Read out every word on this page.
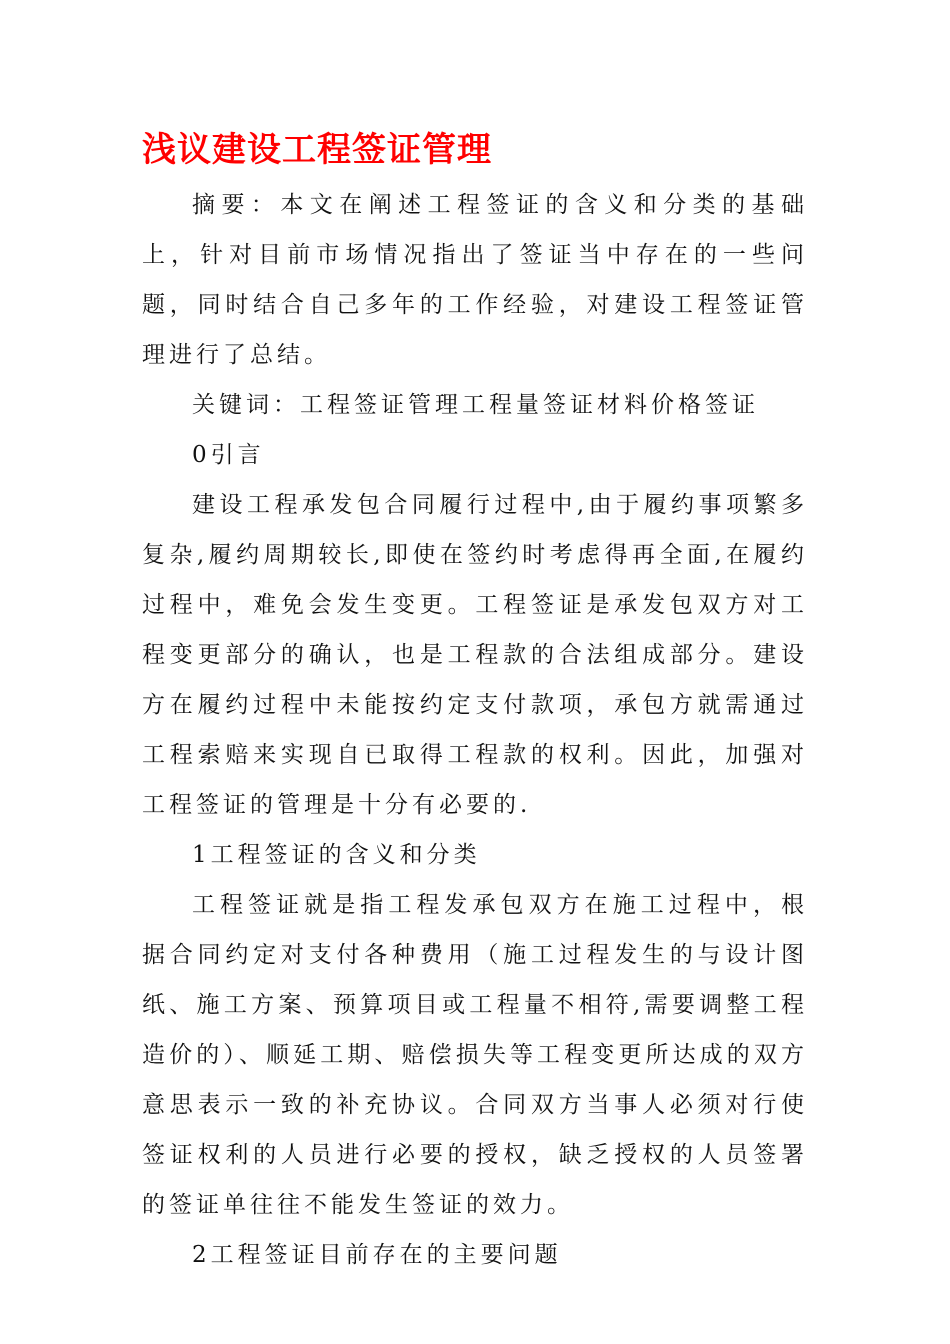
浅议建设工程签证管理

摘要：本文在阐述工程签证的含义和分类的基础上，针对目前市场情况指出了签证当中存在的一些问题，同时结合自己多年的工作经验，对建设工程签证管理进行了总结。

关键词：工程签证管理工程量签证材料价格签证

0引言

建设工程承发包合同履行过程中,由于履约事项繁多复杂,履约周期较长,即使在签约时考虑得再全面,在履约过程中，难免会发生变更。工程签证是承发包双方对工程变更部分的确认，也是工程款的合法组成部分。建设方在履约过程中未能按约定支付款项，承包方就需通过工程索赔来实现自已取得工程款的权利。因此，加强对工程签证的管理是十分有必要的.

1工程签证的含义和分类

工程签证就是指工程发承包双方在施工过程中，根据合同约定对支付各种费用（施工过程发生的与设计图纸、施工方案、预算项目或工程量不相符,需要调整工程造价的）、顺延工期、赔偿损失等工程变更所达成的双方意思表示一致的补充协议。合同双方当事人必须对行使签证权利的人员进行必要的授权，缺乏授权的人员签署的签证单往往不能发生签证的效力。

2工程签证目前存在的主要问题
